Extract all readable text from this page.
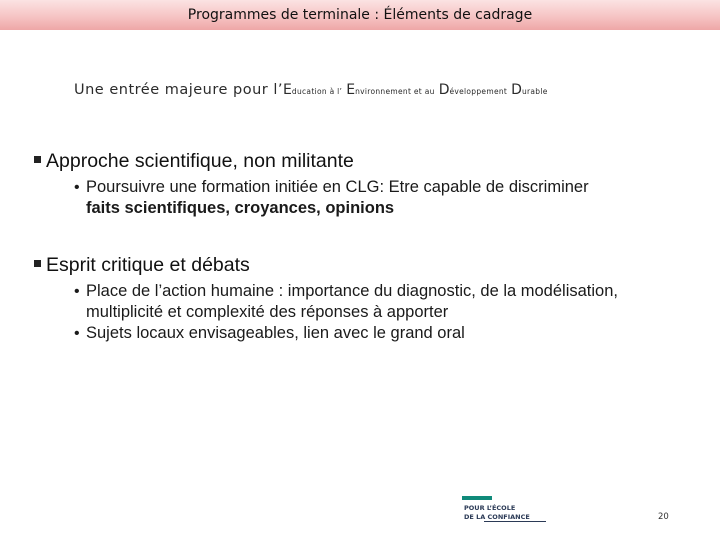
Programmes de terminale : Éléments de cadrage
Une entrée majeure pour l’Education à l’ Environnement et au Développement Durable
Approche scientifique, non militante
• Poursuivre une formation initiée en CLG: Etre capable de discriminer
faits scientifiques, croyances, opinions
Esprit critique et débats
• Place de l’action humaine : importance du diagnostic, de la modélisation, multiplicité et complexité des réponses à apporter
• Sujets locaux envisageables, lien avec le grand oral
POUR L’ÉCOLE
DE LA CONFIANCE	20
